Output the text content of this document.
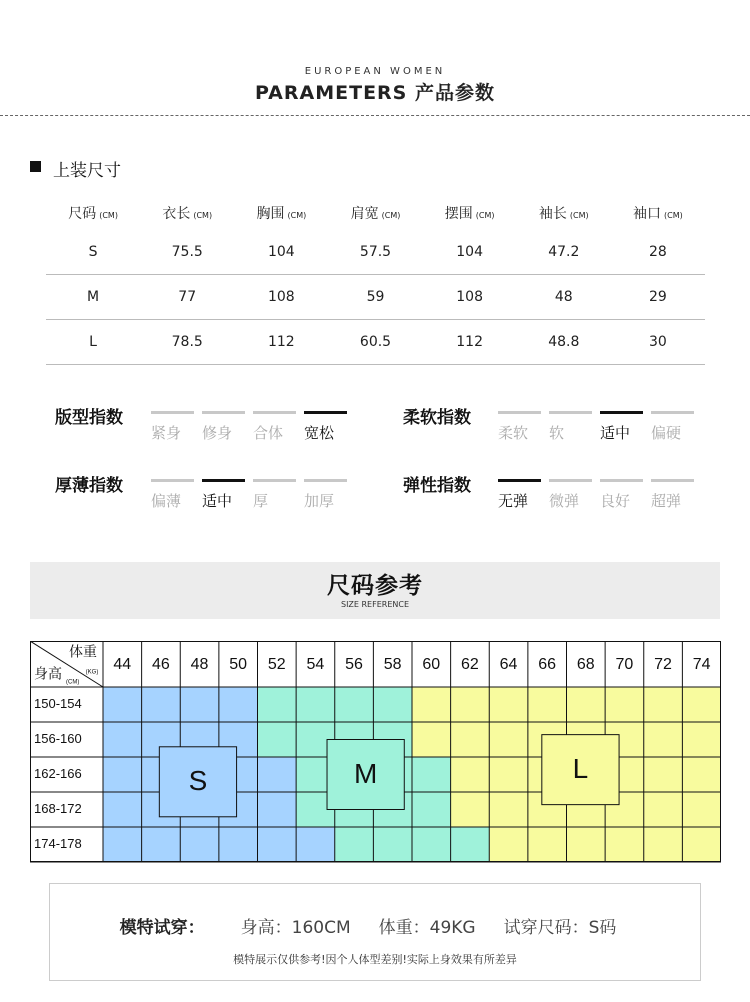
EUROPEAN WOMEN
PARAMETERS 产品参数
上装尺寸
尺码 (CM)	衣长 (CM)	胸围 (CM)	肩宽 (CM)	摆围 (CM)	袖长 (CM)	袖口 (CM)
S	75.5	104	57.5	104	47.2	28
M	77	108	59	108	48	29
L	78.5	112	60.5	112	48.8	30
版型指数	柔软指数
厚薄指数	弹性指数
紧身	修身	合体	宽松	柔软	软	适中	偏硬
偏薄	适中	厚	加厚	无弹	微弹	良好	超弹
尺码参考
SIZE REFERENCE
体重
身高
(CM)
(KG) 44 46 48 50 52 54 56 58 60 62 64 66 68 70 72 74
150-154
156-160
162-166
168-172
174-178
S	M	L
模特试穿： 身高：160CM 体重：49KG 试穿尺码：S码
模特展示仅供参考!因个人体型差别!实际上身效果有所差异
